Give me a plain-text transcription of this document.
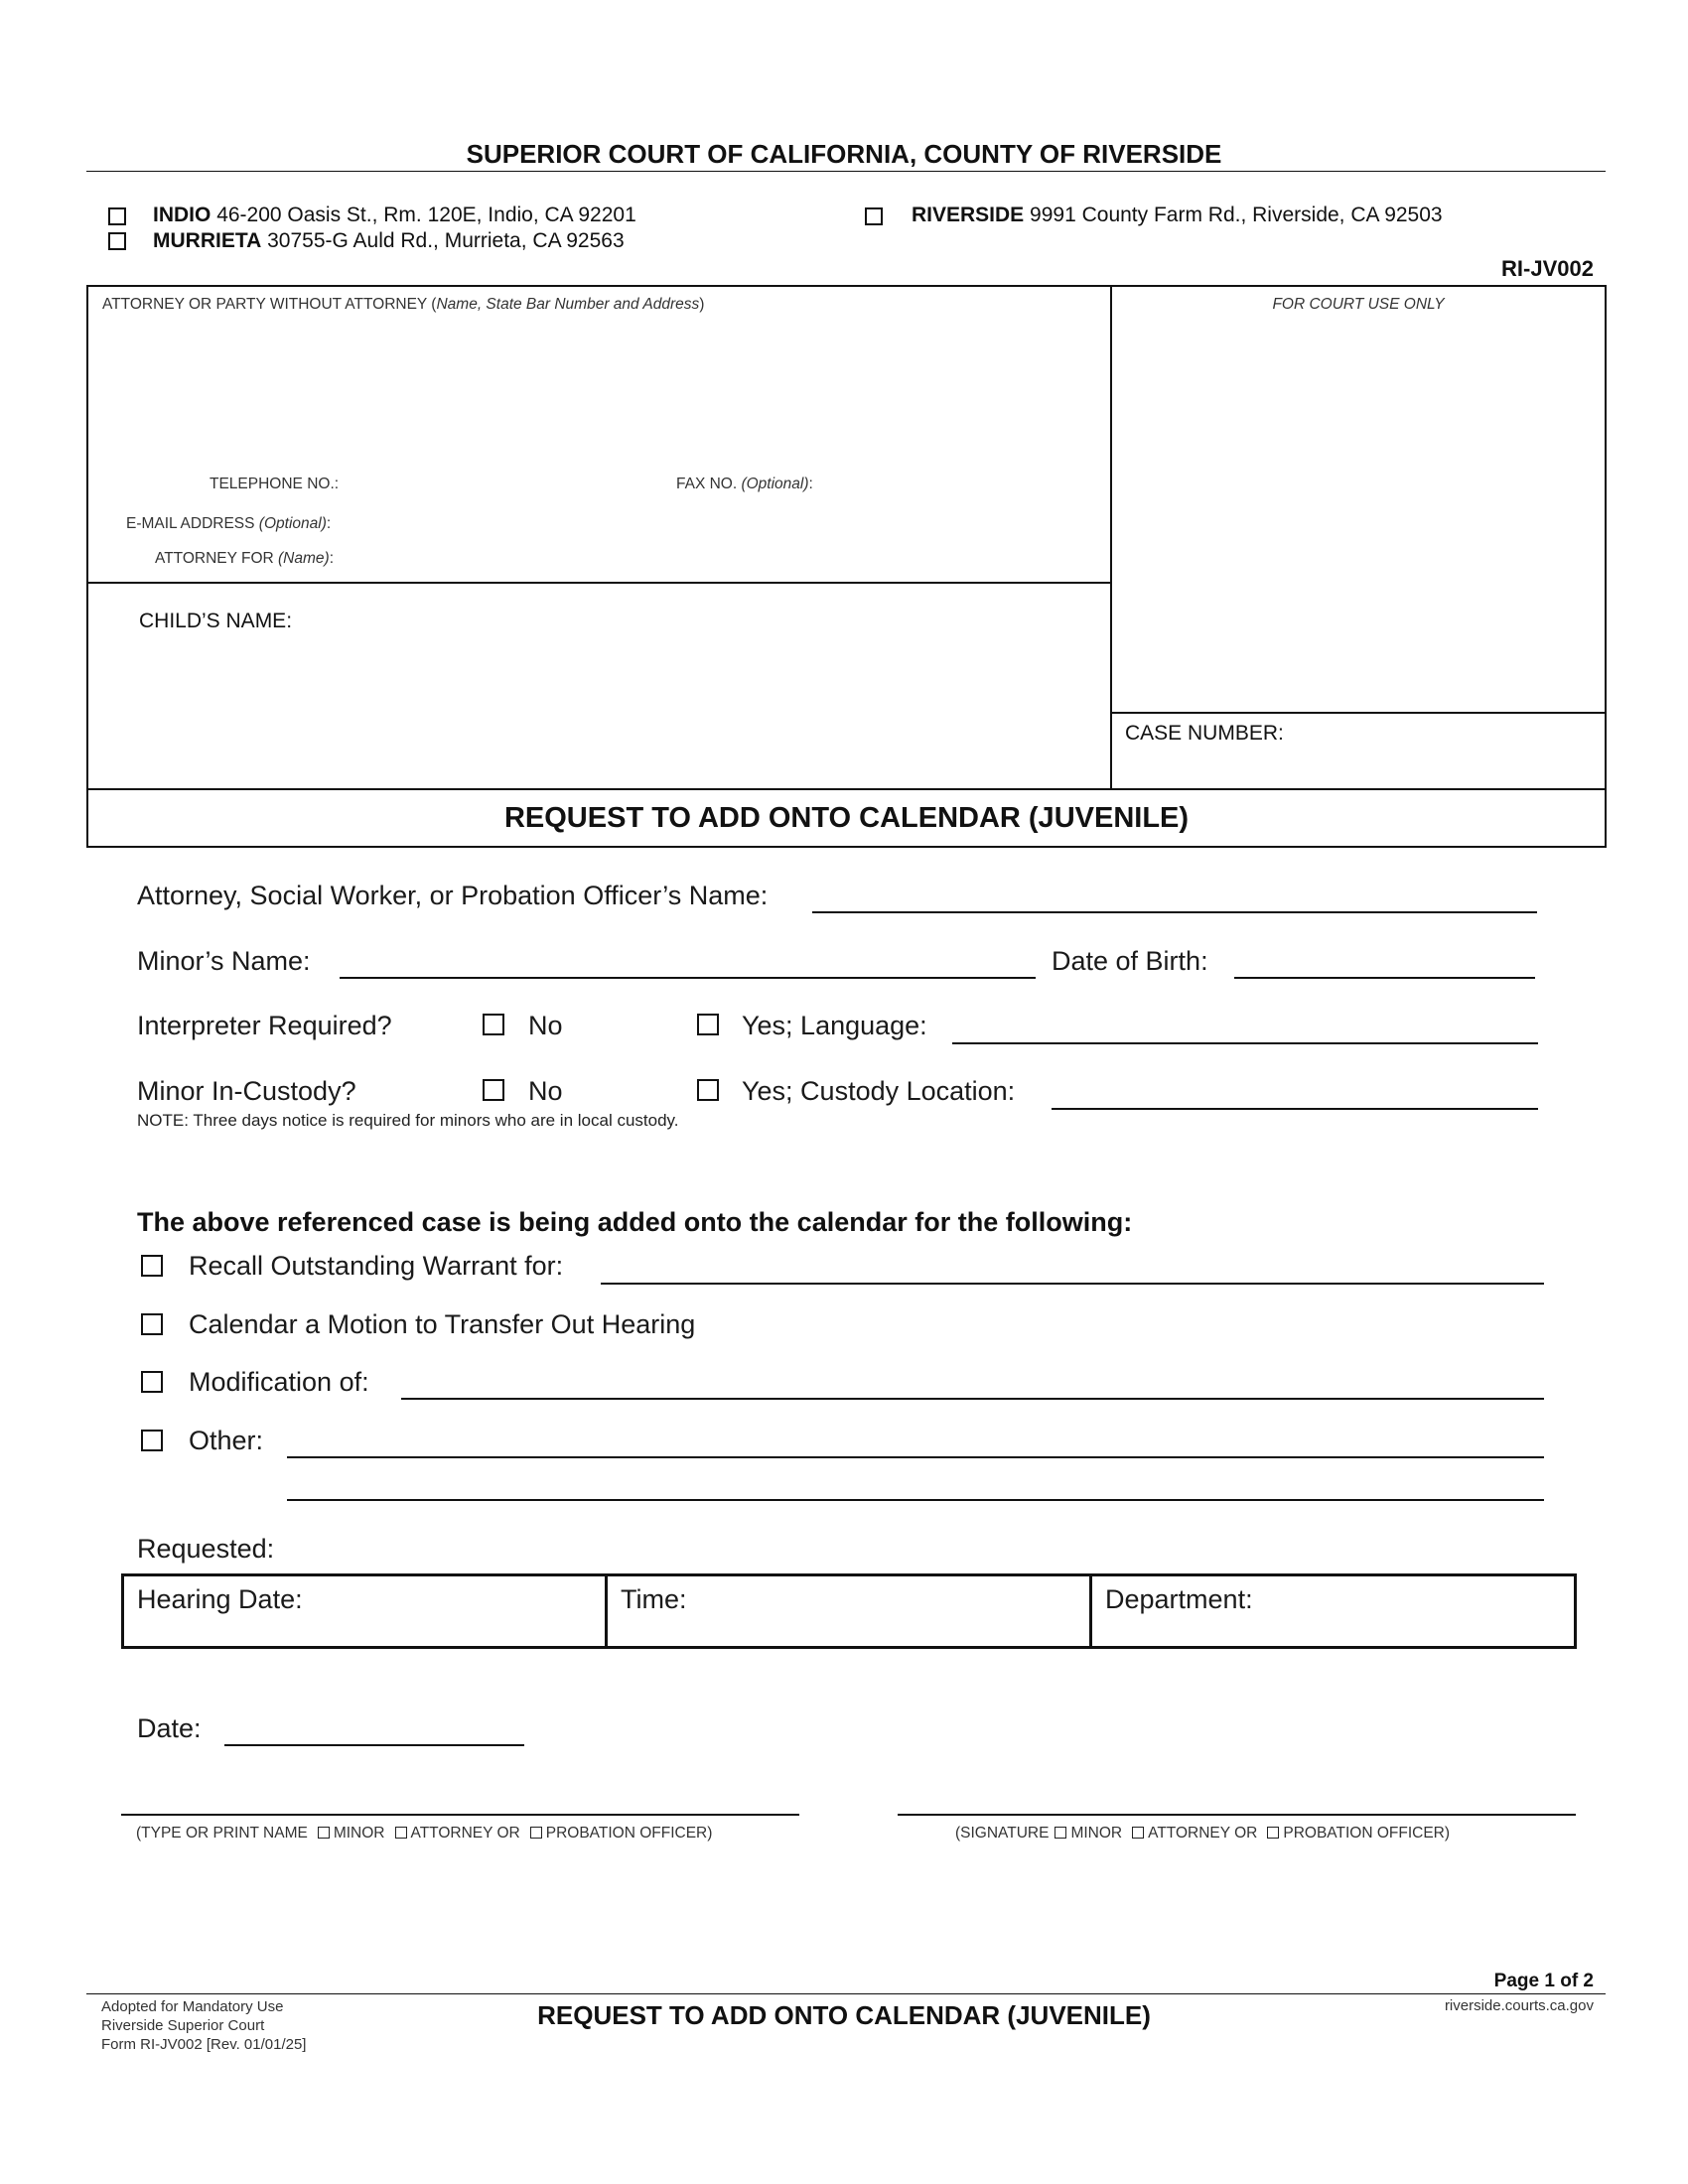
SUPERIOR COURT OF CALIFORNIA, COUNTY OF RIVERSIDE
INDIO 46-200 Oasis St., Rm. 120E, Indio, CA 92201
MURRIETA 30755-G Auld Rd., Murrieta, CA 92563
RIVERSIDE 9991 County Farm Rd., Riverside, CA 92503
RI-JV002
ATTORNEY OR PARTY WITHOUT ATTORNEY (Name, State Bar Number and Address)	FOR COURT USE ONLY
TELEPHONE NO.:	FAX NO. (Optional):
E-MAIL ADDRESS (Optional):
ATTORNEY FOR (Name):
CHILD’S NAME:
CASE NUMBER:
REQUEST TO ADD ONTO CALENDAR (JUVENILE)
Attorney, Social Worker, or Probation Officer’s Name:
Minor’s Name:	Date of Birth:
Interpreter Required?	No	Yes; Language:
Minor In-Custody?	No	Yes; Custody Location:
NOTE: Three days notice is required for minors who are in local custody.
The above referenced case is being added onto the calendar for the following:
Recall Outstanding Warrant for:
Calendar a Motion to Transfer Out Hearing
Modification of:
Other:
Requested:
Hearing Date:	Time:	Department:
Date:
(TYPE OR PRINT NAME MINOR ATTORNEY OR PROBATION OFFICER)	(SIGNATURE MINOR ATTORNEY OR PROBATION OFFICER)
Page 1 of 2
Adopted for Mandatory Use
Riverside Superior Court
Form RI-JV002 [Rev. 01/01/25]
REQUEST TO ADD ONTO CALENDAR (JUVENILE)	riverside.courts.ca.gov
